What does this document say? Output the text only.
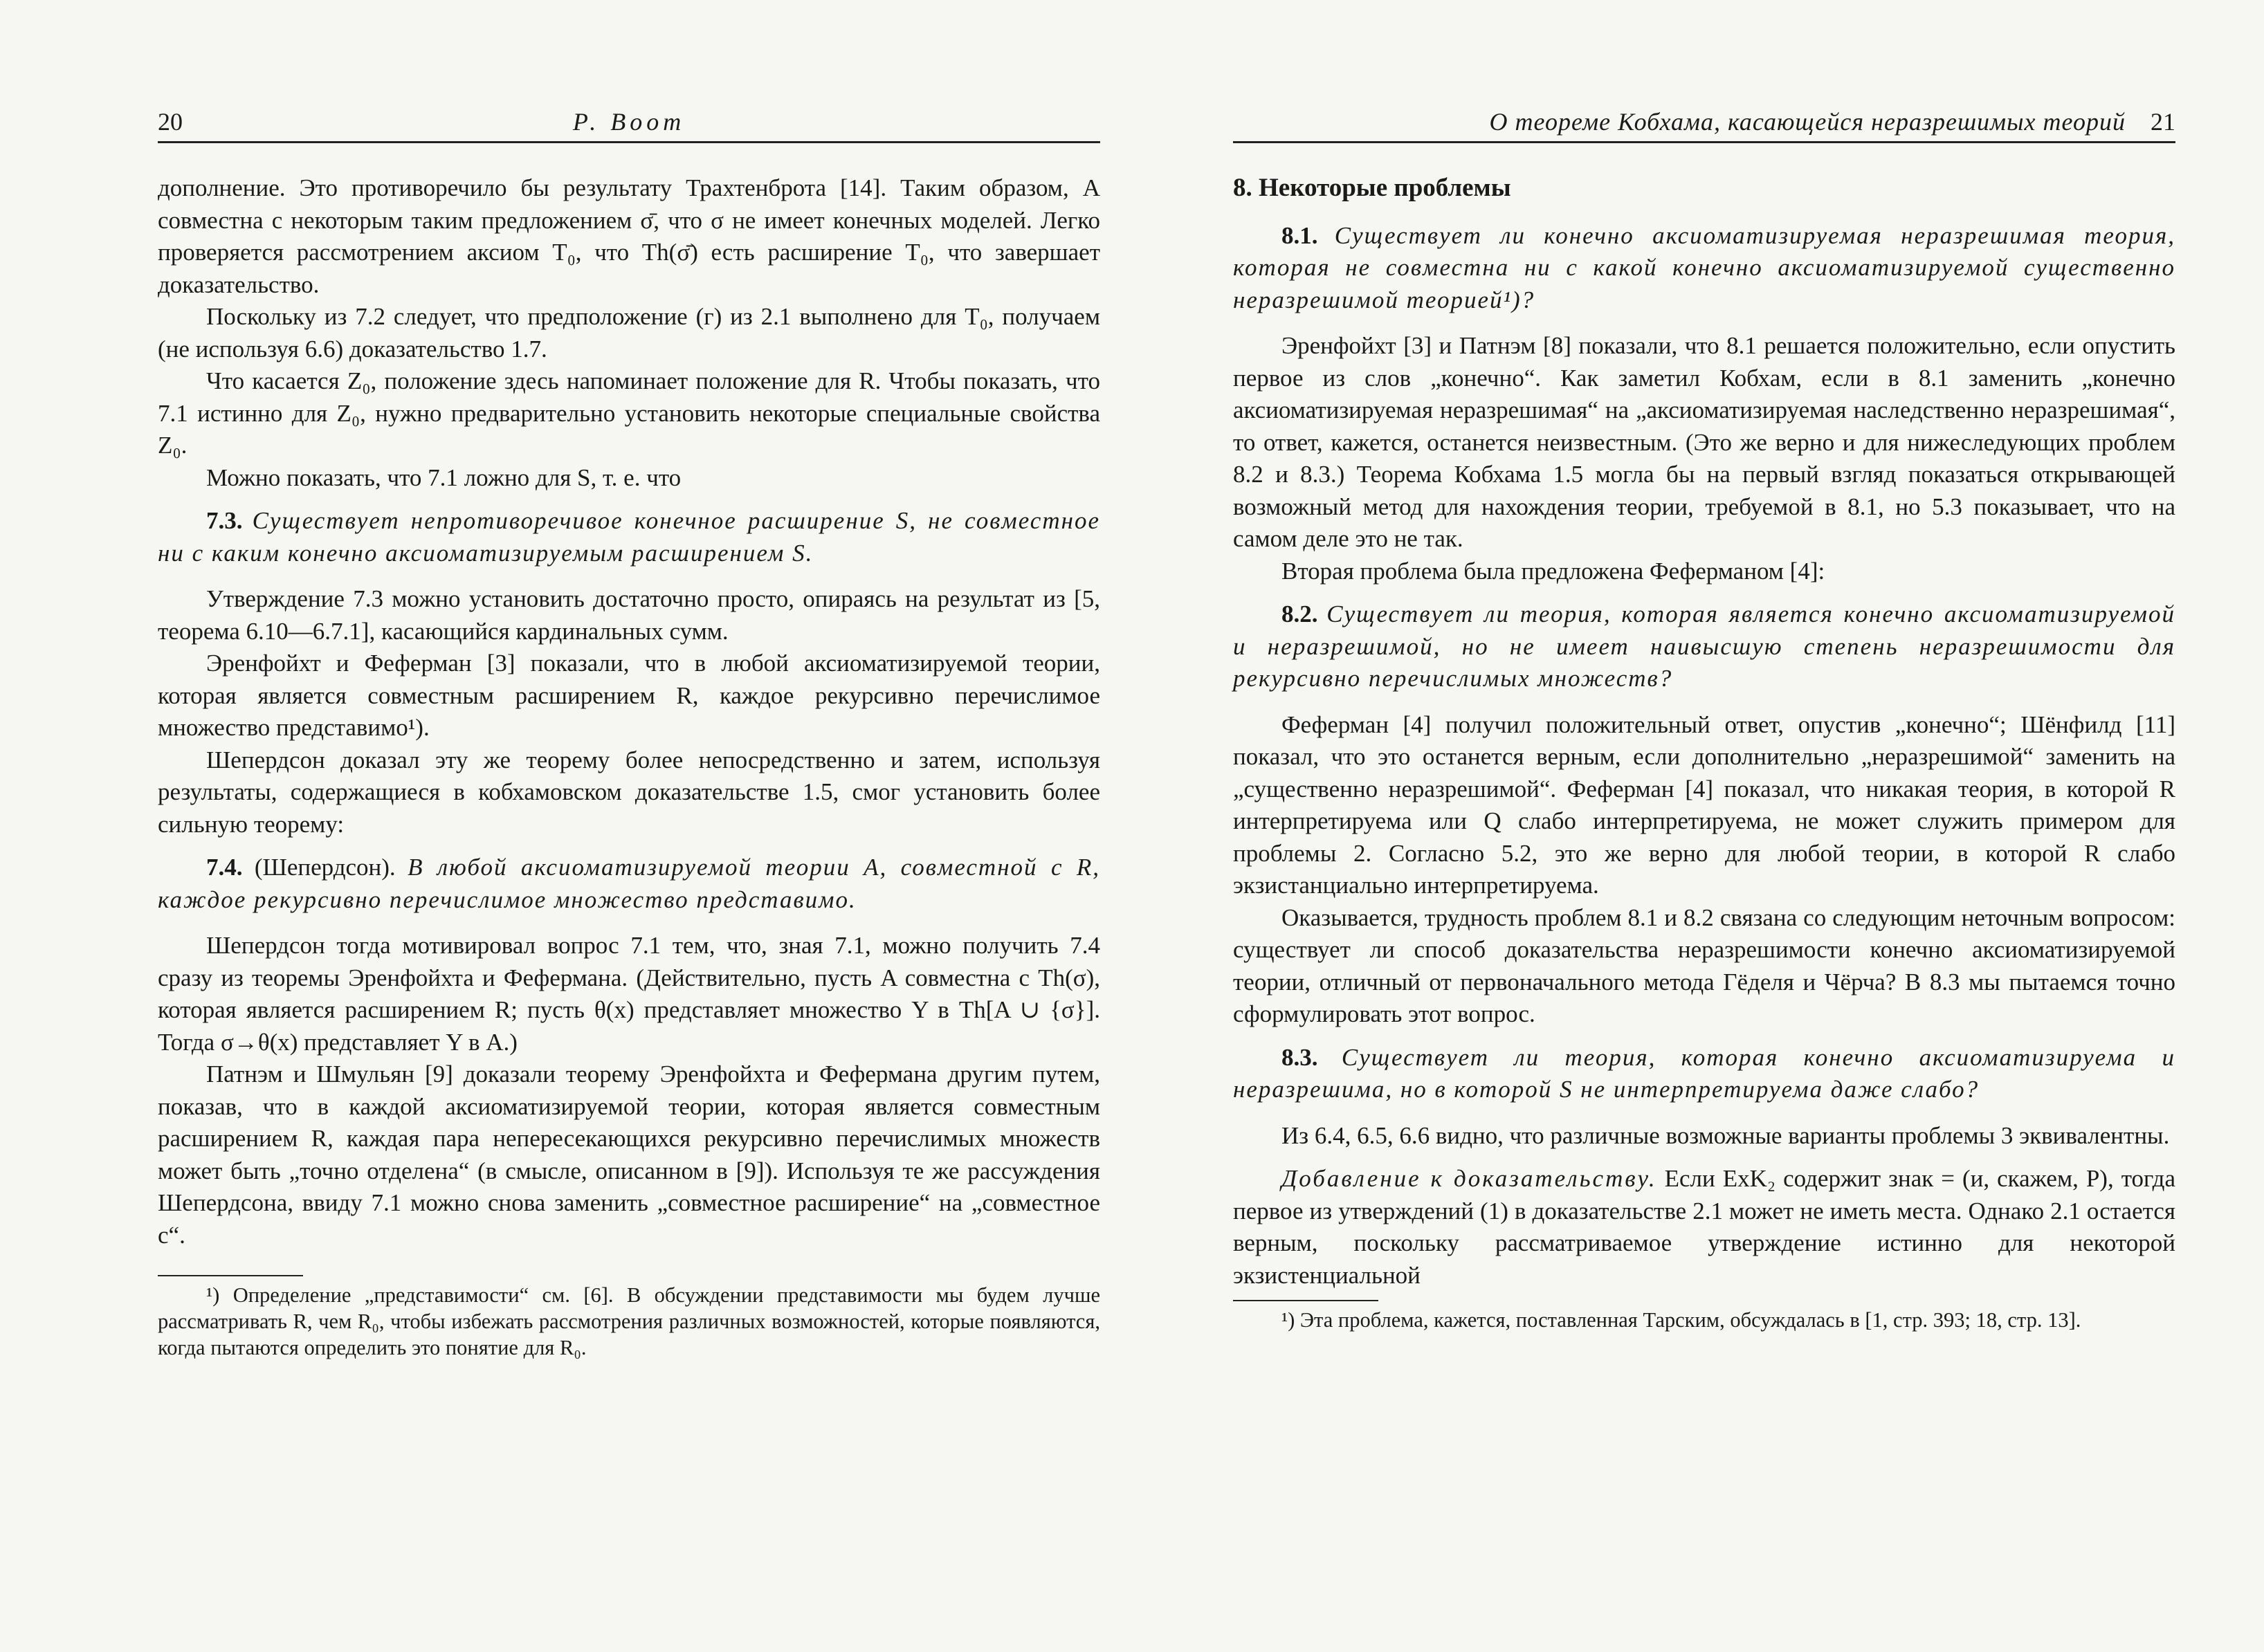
20	Р. Воот

дополнение. Это противоречило бы результату Трахтенброта [14]. Таким образом, A совместна с некоторым таким предложением σ̄, что σ не имеет конечных моделей. Легко проверяется рассмотрением аксиом T₀, что Th(σ̄) есть расширение T₀, что завершает доказательство.

Поскольку из 7.2 следует, что предположение (г) из 2.1 выполнено для T₀, получаем (не используя 6.6) доказательство 1.7.

Что касается Z₀, положение здесь напоминает положение для R. Чтобы показать, что 7.1 истинно для Z₀, нужно предварительно установить некоторые специальные свойства Z₀.

Можно показать, что 7.1 ложно для S, т. е. что

7.3. Существует непротиворечивое конечное расширение S, не совместное ни с каким конечно аксиоматизируемым расширением S.

Утверждение 7.3 можно установить достаточно просто, опираясь на результат из [5, теорема 6.10—6.7.1], касающийся кардинальных сумм.

Эренфойхт и Феферман [3] показали, что в любой аксиоматизируемой теории, которая является совместным расширением R, каждое рекурсивно перечислимое множество представимо¹).

Шепердсон доказал эту же теорему более непосредственно и затем, используя результаты, содержащиеся в кобхамовском доказательстве 1.5, смог установить более сильную теорему:

7.4. (Шепердсон). В любой аксиоматизируемой теории A, совместной с R, каждое рекурсивно перечислимое множество представимо.

Шепердсон тогда мотивировал вопрос 7.1 тем, что, зная 7.1, можно получить 7.4 сразу из теоремы Эренфойхта и Фефермана. (Действительно, пусть A совместна с Th(σ), которая является расширением R; пусть θ(x) представляет множество Y в Th[A ∪ {σ}]. Тогда σ→θ(x) представляет Y в A.)

Патнэм и Шмульян [9] доказали теорему Эренфойхта и Фефермана другим путем, показав, что в каждой аксиоматизируемой теории, которая является совместным расширением R, каждая пара непересекающихся рекурсивно перечислимых множеств может быть „точно отделена“ (в смысле, описанном в [9]). Используя те же рассуждения Шепердсона, ввиду 7.1 можно снова заменить „совместное расширение“ на „совместное с“.

¹) Определение „представимости“ см. [6]. В обсуждении представимости мы будем лучше рассматривать R, чем R₀, чтобы избежать рассмотрения различных возможностей, которые появляются, когда пытаются определить это понятие для R₀.

О теореме Кобхама, касающейся неразрешимых теорий 21

8. Некоторые проблемы

8.1. Существует ли конечно аксиоматизируемая неразрешимая теория, которая не совместна ни с какой конечно аксиоматизируемой существенно неразрешимой теорией¹)?

Эренфойхт [3] и Патнэм [8] показали, что 8.1 решается положительно, если опустить первое из слов „конечно“. Как заметил Кобхам, если в 8.1 заменить „конечно аксиоматизируемая неразрешимая“ на „аксиоматизируемая наследственно неразрешимая“, то ответ, кажется, останется неизвестным. (Это же верно и для нижеследующих проблем 8.2 и 8.3.) Теорема Кобхама 1.5 могла бы на первый взгляд показаться открывающей возможный метод для нахождения теории, требуемой в 8.1, но 5.3 показывает, что на самом деле это не так.

Вторая проблема была предложена Феферманом [4]:

8.2. Существует ли теория, которая является конечно аксиоматизируемой и неразрешимой, но не имеет наивысшую степень неразрешимости для рекурсивно перечислимых множеств?

Феферман [4] получил положительный ответ, опустив „конечно“; Шёнфилд [11] показал, что это останется верным, если дополнительно „неразрешимой“ заменить на „существенно неразрешимой“. Феферман [4] показал, что никакая теория, в которой R интерпретируема или Q слабо интерпретируема, не может служить примером для проблемы 2. Согласно 5.2, это же верно для любой теории, в которой R слабо экзистанциально интерпретируема.

Оказывается, трудность проблем 8.1 и 8.2 связана со следующим неточным вопросом: существует ли способ доказательства неразрешимости конечно аксиоматизируемой теории, отличный от первоначального метода Гёделя и Чёрча? В 8.3 мы пытаемся точно сформулировать этот вопрос.

8.3. Существует ли теория, которая конечно аксиоматизируема и неразрешима, но в которой S не интерпретируема даже слабо?

Из 6.4, 6.5, 6.6 видно, что различные возможные варианты проблемы 3 эквивалентны.

Добавление к доказательству. Если ExK₂ содержит знак = (и, скажем, P), тогда первое из утверждений (1) в доказательстве 2.1 может не иметь места. Однако 2.1 остается верным, поскольку рассматриваемое утверждение истинно для некоторой экзистенциальной

¹) Эта проблема, кажется, поставленная Тарским, обсуждалась в [1, стр. 393; 18, стр. 13].
